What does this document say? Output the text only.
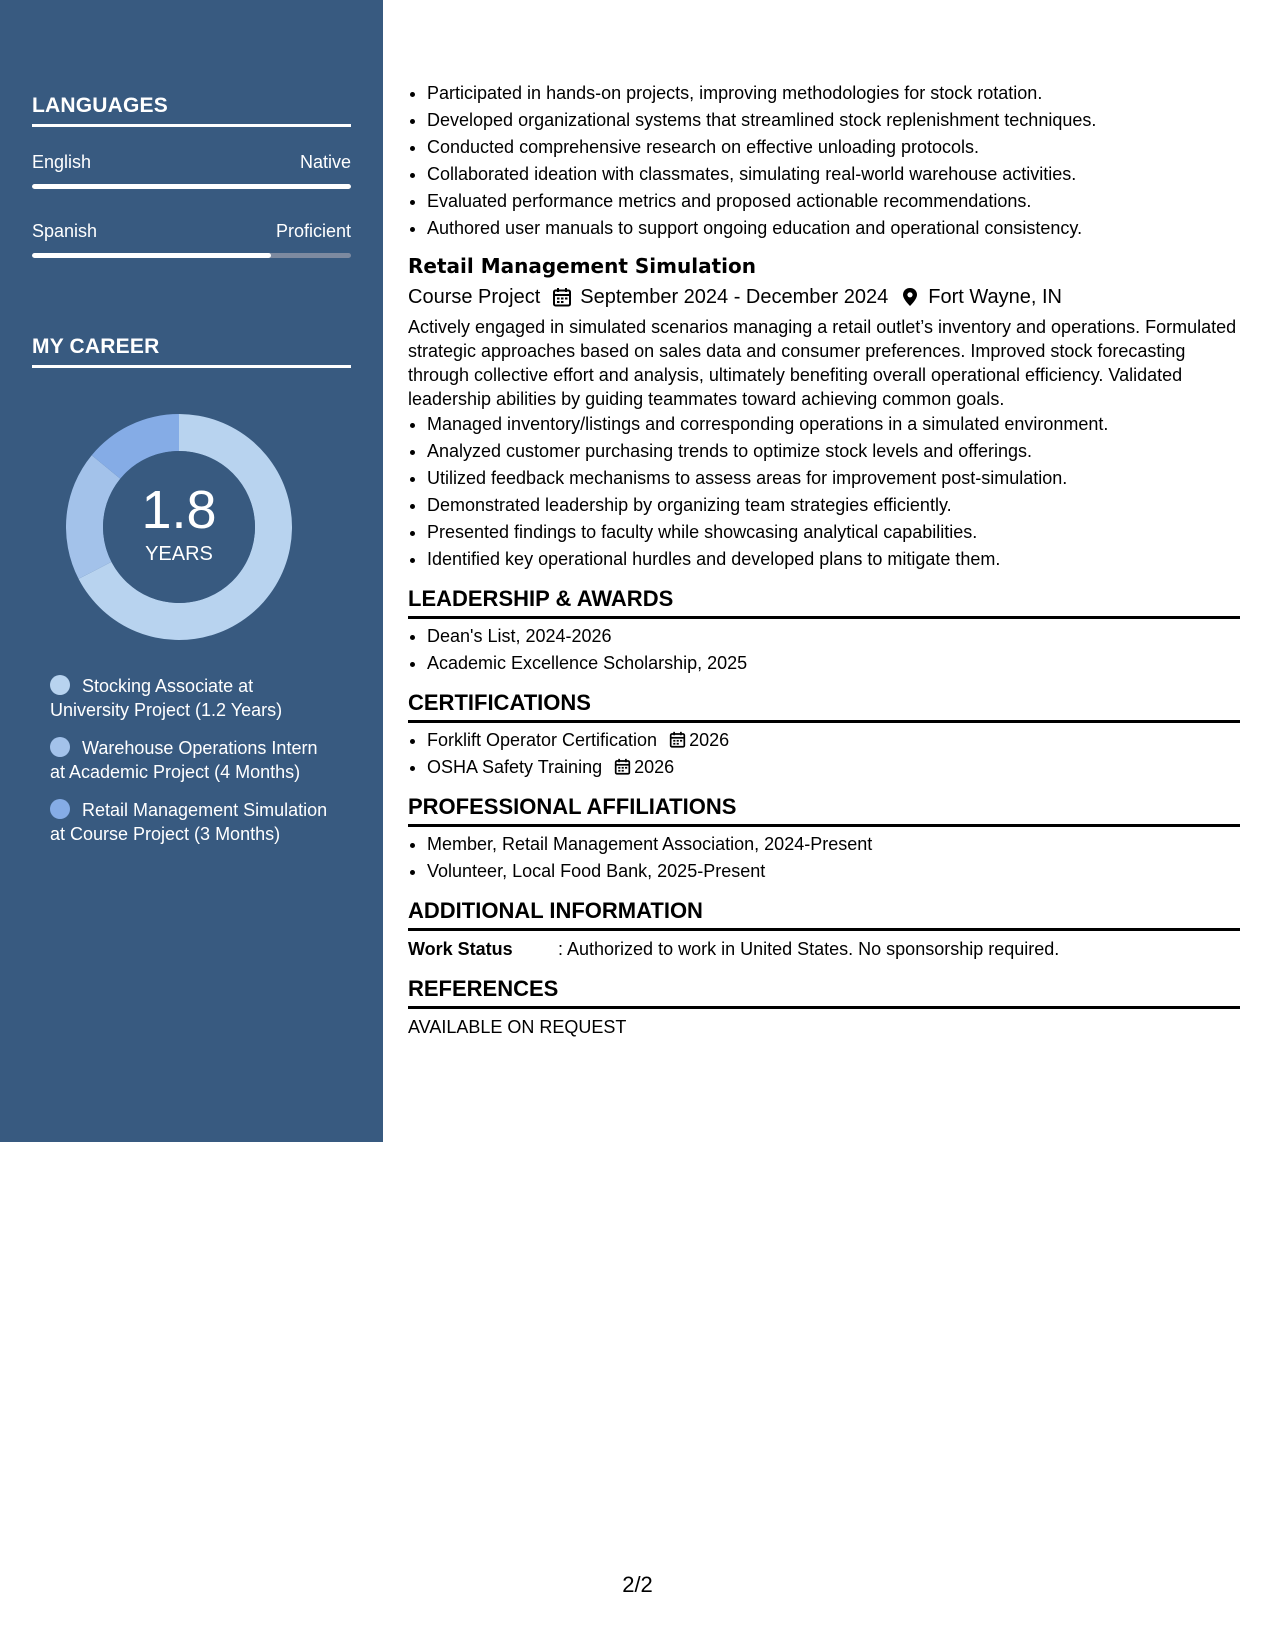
LANGUAGES
English	Native
Spanish	Proficient
MY CAREER
1.8
YEARS
Stocking Associate at University Project (1.2 Years)
Warehouse Operations Intern at Academic Project (4 Months)
Retail Management Simulation at Course Project (3 Months)
• Participated in hands-on projects, improving methodologies for stock rotation.
• Developed organizational systems that streamlined stock replenishment techniques.
• Conducted comprehensive research on effective unloading protocols.
• Collaborated ideation with classmates, simulating real-world warehouse activities.
• Evaluated performance metrics and proposed actionable recommendations.
• Authored user manuals to support ongoing education and operational consistency.
Retail Management Simulation
Course Project September 2024 - December 2024 Fort Wayne, IN
Actively engaged in simulated scenarios managing a retail outlet’s inventory and operations. Formulated strategic approaches based on sales data and consumer preferences. Improved stock forecasting through collective effort and analysis, ultimately benefiting overall operational efficiency. Validated leadership abilities by guiding teammates toward achieving common goals.
• Managed inventory/listings and corresponding operations in a simulated environment.
• Analyzed customer purchasing trends to optimize stock levels and offerings.
• Utilized feedback mechanisms to assess areas for improvement post-simulation.
• Demonstrated leadership by organizing team strategies efficiently.
• Presented findings to faculty while showcasing analytical capabilities.
• Identified key operational hurdles and developed plans to mitigate them.
LEADERSHIP & AWARDS
• Dean's List, 2024-2026
• Academic Excellence Scholarship, 2025
CERTIFICATIONS
• Forklift Operator Certification 2026
• OSHA Safety Training 2026
PROFESSIONAL AFFILIATIONS
• Member, Retail Management Association, 2024-Present
• Volunteer, Local Food Bank, 2025-Present
ADDITIONAL INFORMATION
Work Status	: Authorized to work in United States. No sponsorship required.
REFERENCES
AVAILABLE ON REQUEST
2/2
